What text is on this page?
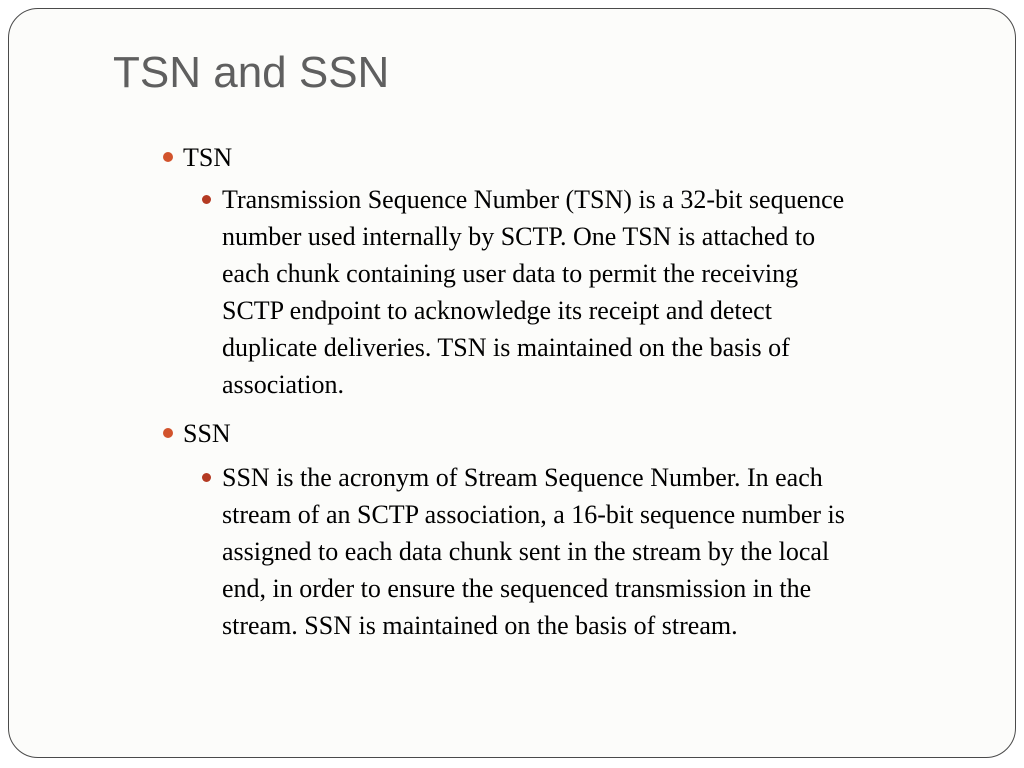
TSN and SSN
TSN

Transmission Sequence Number (TSN) is a 32-bit sequence
number used internally by SCTP. One TSN is attached to
each chunk containing user data to permit the receiving
SCTP endpoint to acknowledge its receipt and detect
duplicate deliveries. TSN is maintained on the basis of
association.

SSN

SSN is the acronym of Stream Sequence Number. In each
stream of an SCTP association, a 16-bit sequence number is
assigned to each data chunk sent in the stream by the local
end, in order to ensure the sequenced transmission in the
stream. SSN is maintained on the basis of stream.
